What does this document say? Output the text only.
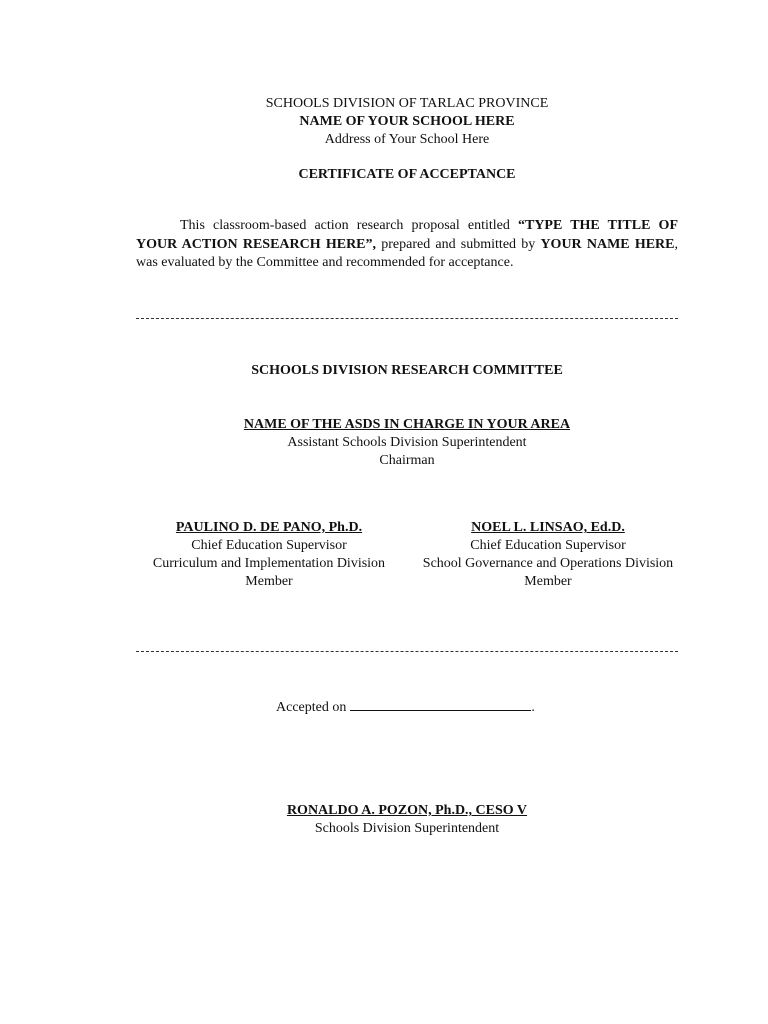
SCHOOLS DIVISION OF TARLAC PROVINCE
NAME OF YOUR SCHOOL HERE
Address of Your School Here
CERTIFICATE OF ACCEPTANCE
This classroom-based action research proposal entitled “TYPE THE TITLE OF YOUR ACTION RESEARCH HERE”, prepared and submitted by YOUR NAME HERE, was evaluated by the Committee and recommended for acceptance.
SCHOOLS DIVISION RESEARCH COMMITTEE
NAME OF THE ASDS IN CHARGE IN YOUR AREA
Assistant Schools Division Superintendent
Chairman
PAULINO D. DE PANO, Ph.D.
Chief Education Supervisor
Curriculum and Implementation Division
Member
NOEL L. LINSAO, Ed.D.
Chief Education Supervisor
School Governance and Operations Division
Member
Accepted on	.
RONALDO A. POZON, Ph.D., CESO V
Schools Division Superintendent
